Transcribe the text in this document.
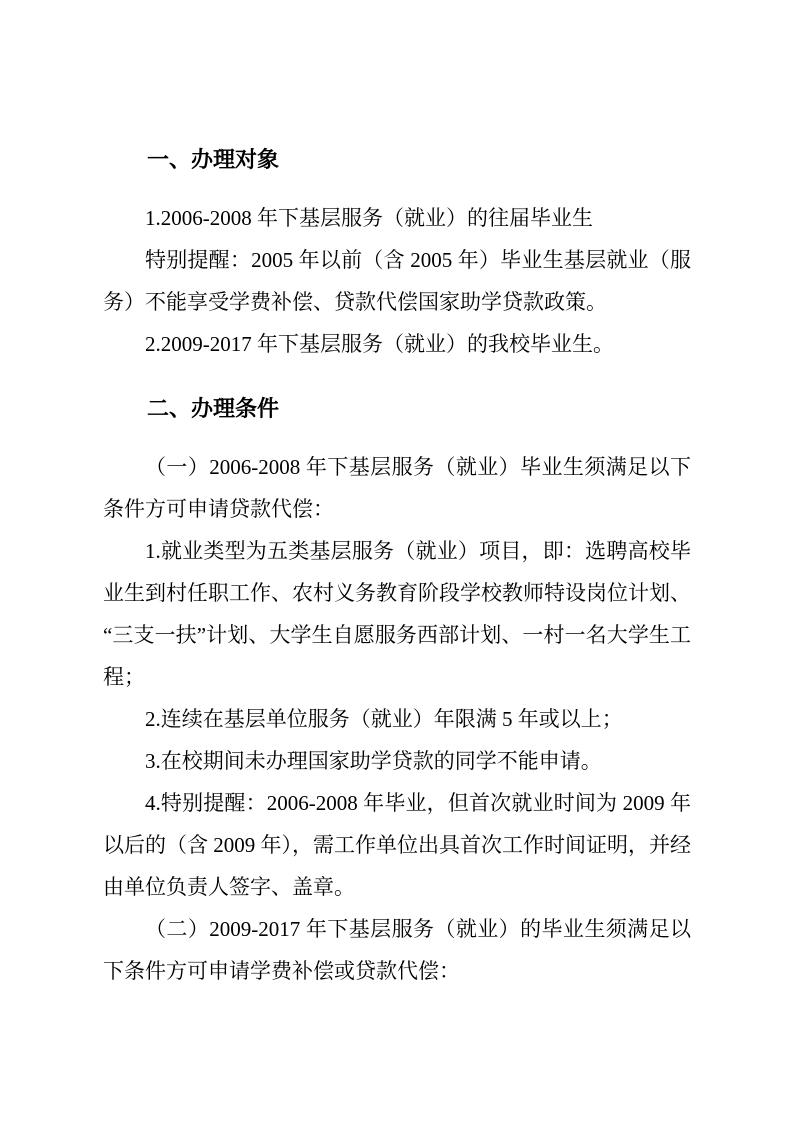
一、办理对象

1.2006-2008 年下基层服务（就业）的往届毕业生

特别提醒：2005 年以前（含 2005 年）毕业生基层就业（服务）不能享受学费补偿、贷款代偿国家助学贷款政策。

2.2009-2017 年下基层服务（就业）的我校毕业生。

二、办理条件

（一）2006-2008 年下基层服务（就业）毕业生须满足以下条件方可申请贷款代偿：

1.就业类型为五类基层服务（就业）项目，即：选聘高校毕业生到村任职工作、农村义务教育阶段学校教师特设岗位计划、“三支一扶”计划、大学生自愿服务西部计划、一村一名大学生工程；

2.连续在基层单位服务（就业）年限满 5 年或以上；

3.在校期间未办理国家助学贷款的同学不能申请。

4.特别提醒：2006-2008 年毕业，但首次就业时间为 2009 年以后的（含 2009 年），需工作单位出具首次工作时间证明，并经由单位负责人签字、盖章。

（二）2009-2017 年下基层服务（就业）的毕业生须满足以下条件方可申请学费补偿或贷款代偿：
